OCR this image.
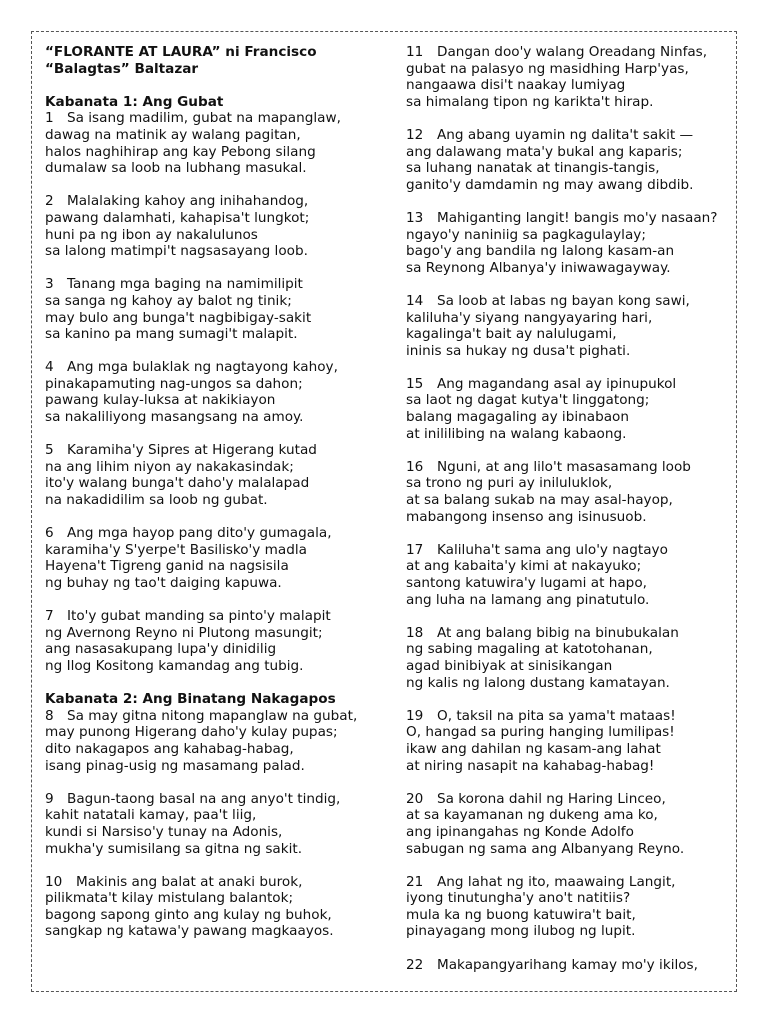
“FLORANTE AT LAURA” ni Francisco
“Balagtas” Baltazar
Kabanata 1: Ang Gubat
1 Sa isang madilim, gubat na mapanglaw,
dawag na matinik ay walang pagitan,
halos naghihirap ang kay Pebong silang
dumalaw sa loob na lubhang masukal.
2 Malalaking kahoy ang inihahandog,
pawang dalamhati, kahapisa't lungkot;
huni pa ng ibon ay nakalulunos
sa lalong matimpi't nagsasayang loob.
3 Tanang mga baging na namimilipit
sa sanga ng kahoy ay balot ng tinik;
may bulo ang bunga't nagbibigay-sakit
sa kanino pa mang sumagi't malapit.
4 Ang mga bulaklak ng nagtayong kahoy,
pinakapamuting nag-ungos sa dahon;
pawang kulay-luksa at nakikiayon
sa nakaliliyong masangsang na amoy.
5 Karamiha'y Sipres at Higerang kutad
na ang lihim niyon ay nakakasindak;
ito'y walang bunga't daho'y malalapad
na nakadidilim sa loob ng gubat.
6 Ang mga hayop pang dito'y gumagala,
karamiha'y S'yerpe't Basilisko'y madla
Hayena't Tigreng ganid na nagsisila
ng buhay ng tao't daiging kapuwa.
7 Ito'y gubat manding sa pinto'y malapit
ng Avernong Reyno ni Plutong masungit;
ang nasasakupang lupa'y dinidilig
ng Ilog Kositong kamandag ang tubig.
Kabanata 2: Ang Binatang Nakagapos
8 Sa may gitna nitong mapanglaw na gubat,
may punong Higerang daho'y kulay pupas;
dito nakagapos ang kahabag-habag,
isang pinag-usig ng masamang palad.
9 Bagun-taong basal na ang anyo't tindig,
kahit natatali kamay, paa't liig,
kundi si Narsiso'y tunay na Adonis,
mukha'y sumisilang sa gitna ng sakit.
10 Makinis ang balat at anaki burok,
pilikmata't kilay mistulang balantok;
bagong sapong ginto ang kulay ng buhok,
sangkap ng katawa'y pawang magkaayos.
11 Dangan doo'y walang Oreadang Ninfas,
gubat na palasyo ng masidhing Harp'yas,
nangaawa disi't naakay lumiyag
sa himalang tipon ng karikta't hirap.
12 Ang abang uyamin ng dalita't sakit —
ang dalawang mata'y bukal ang kaparis;
sa luhang nanatak at tinangis-tangis,
ganito'y damdamin ng may awang dibdib.
13 Mahiganting langit! bangis mo'y nasaan?
ngayo'y naniniig sa pagkagulaylay;
bago'y ang bandila ng lalong kasam-an
sa Reynong Albanya'y iniwawagayway.
14 Sa loob at labas ng bayan kong sawi,
kaliluha'y siyang nangyayaring hari,
kagalinga't bait ay nalulugami,
ininis sa hukay ng dusa't pighati.
15 Ang magandang asal ay ipinupukol
sa laot ng dagat kutya't linggatong;
balang magagaling ay ibinabaon
at inililibing na walang kabaong.
16 Nguni, at ang lilo't masasamang loob
sa trono ng puri ay iniluluklok,
at sa balang sukab na may asal-hayop,
mabangong insenso ang isinusuob.
17 Kaliluha't sama ang ulo'y nagtayo
at ang kabaita'y kimi at nakayuko;
santong katuwira'y lugami at hapo,
ang luha na lamang ang pinatutulo.
18 At ang balang bibig na binubukalan
ng sabing magaling at katotohanan,
agad binibiyak at sinisikangan
ng kalis ng lalong dustang kamatayan.
19 O, taksil na pita sa yama't mataas!
O, hangad sa puring hanging lumilipas!
ikaw ang dahilan ng kasam-ang lahat
at niring nasapit na kahabag-habag!
20 Sa korona dahil ng Haring Linceo,
at sa kayamanan ng dukeng ama ko,
ang ipinangahas ng Konde Adolfo
sabugan ng sama ang Albanyang Reyno.
21 Ang lahat ng ito, maawaing Langit,
iyong tinutungha'y ano't natitiis?
mula ka ng buong katuwira't bait,
pinayagang mong ilubog ng lupit.
22 Makapangyarihang kamay mo'y ikilos,
